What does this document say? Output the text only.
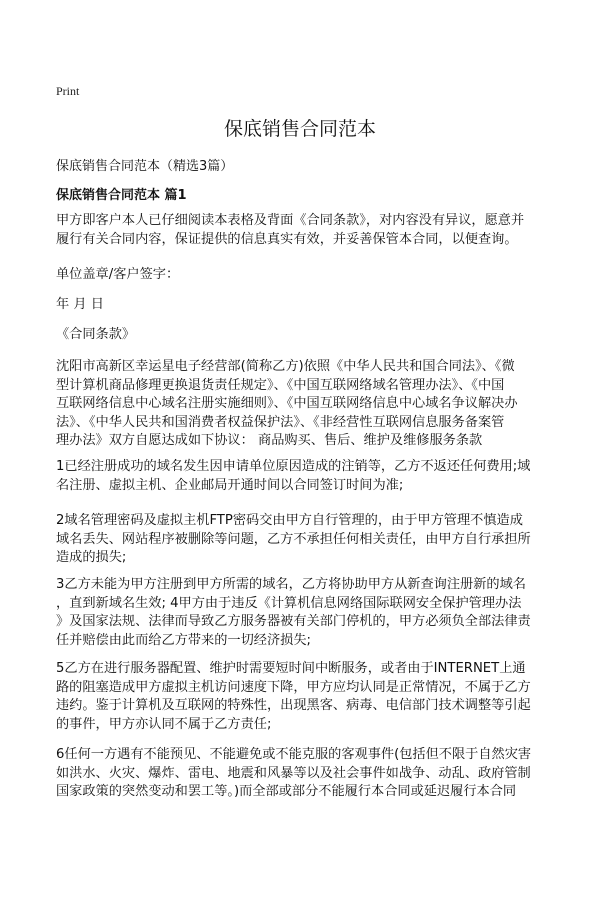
Print
保底销售合同范本
保底销售合同范本（精选3篇）
保底销售合同范本 篇1

甲方即客户本人已仔细阅读本表格及背面《合同条款》，对内容没有异议，愿意并
履行有关合同内容，保证提供的信息真实有效，并妥善保管本合同，以便查询。

单位盖章/客户签字：

年 月 日

《合同条款》

沈阳市高新区幸运星电子经营部(简称乙方)依照《中华人民共和国合同法》、《微
型计算机商品修理更换退货责任规定》、《中国互联网络域名管理办法》、《中国
互联网络信息中心域名注册实施细则》、《中国互联网络信息中心域名争议解决办
法》、《中华人民共和国消费者权益保护法》、《非经营性互联网信息服务备案管
理办法》双方自愿达成如下协议： 商品购买、售后、维护及维修服务条款

1已经注册成功的域名发生因申请单位原因造成的注销等，乙方不返还任何费用;域
名注册、虚拟主机、企业邮局开通时间以合同签订时间为准;

2域名管理密码及虚拟主机FTP密码交由甲方自行管理的，由于甲方管理不慎造成
域名丢失、网站程序被删除等问题，乙方不承担任何相关责任，由甲方自行承担所
造成的损失;

3乙方未能为甲方注册到甲方所需的域名，乙方将协助甲方从新查询注册新的域名
，直到新域名生效; 4甲方由于违反《计算机信息网络国际联网安全保护管理办法
》及国家法规、法律而导致乙方服务器被有关部门停机的，甲方必须负全部法律责
任并赔偿由此而给乙方带来的一切经济损失;

5乙方在进行服务器配置、维护时需要短时间中断服务，或者由于INTERNET上通
路的阻塞造成甲方虚拟主机访问速度下降，甲方应均认同是正常情况，不属于乙方
违约。鉴于计算机及互联网的特殊性，出现黑客、病毒、电信部门技术调整等引起
的事件，甲方亦认同不属于乙方责任;

6任何一方遇有不能预见、不能避免或不能克服的客观事件(包括但不限于自然灾害
如洪水、火灾、爆炸、雷电、地震和风暴等以及社会事件如战争、动乱、政府管制
国家政策的突然变动和罢工等。)而全部或部分不能履行本合同或延迟履行本合同
